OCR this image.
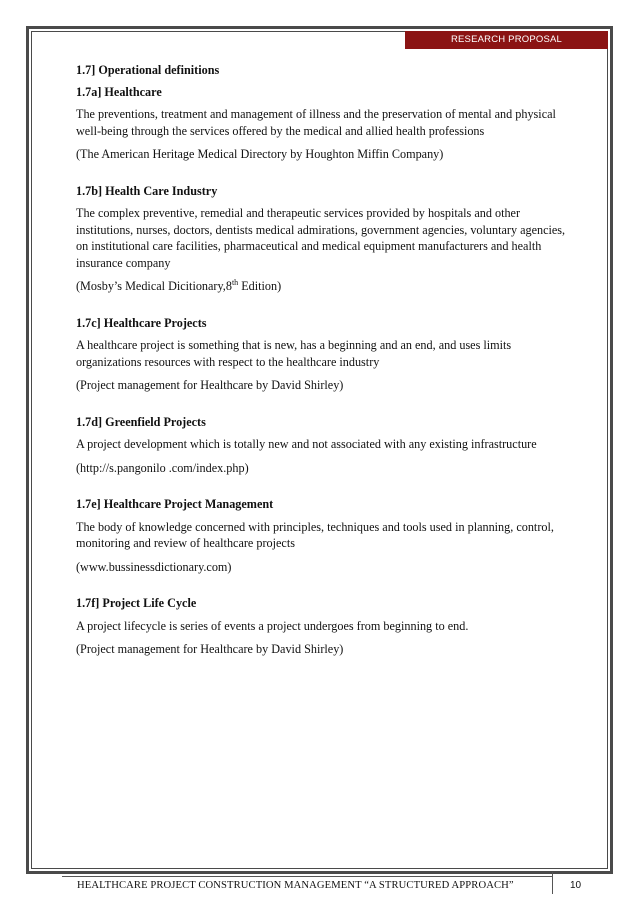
RESEARCH PROPOSAL

1.7] Operational definitions

1.7a] Healthcare

The preventions, treatment and management of illness and the preservation of mental and physical well-being through the services offered by the medical and allied health professions

(The American Heritage Medical Directory by Houghton Miffin Company)

1.7b] Health Care Industry

The complex preventive, remedial and therapeutic services provided by hospitals and other institutions, nurses, doctors, dentists medical admirations, government agencies, voluntary agencies, on institutional care facilities, pharmaceutical and medical equipment manufacturers and health insurance company

(Mosby’s Medical Dicitionary,8th Edition)

1.7c] Healthcare Projects

A healthcare project is something that is new, has a beginning and an end, and uses limits organizations resources with respect to the healthcare industry

(Project management for Healthcare by David Shirley)

1.7d] Greenfield Projects

A project development which is totally new and not associated with any existing infrastructure

(http://s.pangonilo .com/index.php)

1.7e] Healthcare Project Management

The body of knowledge concerned with principles, techniques and tools used in planning, control, monitoring and review of healthcare projects

(www.bussinessdictionary.com)

1.7f] Project Life Cycle

A project lifecycle is series of events a project undergoes from beginning to end.

(Project management for Healthcare by David Shirley)

HEALTHCARE PROJECT CONSTRUCTION MANAGEMENT “A STRUCTURED APPROACH”	10
